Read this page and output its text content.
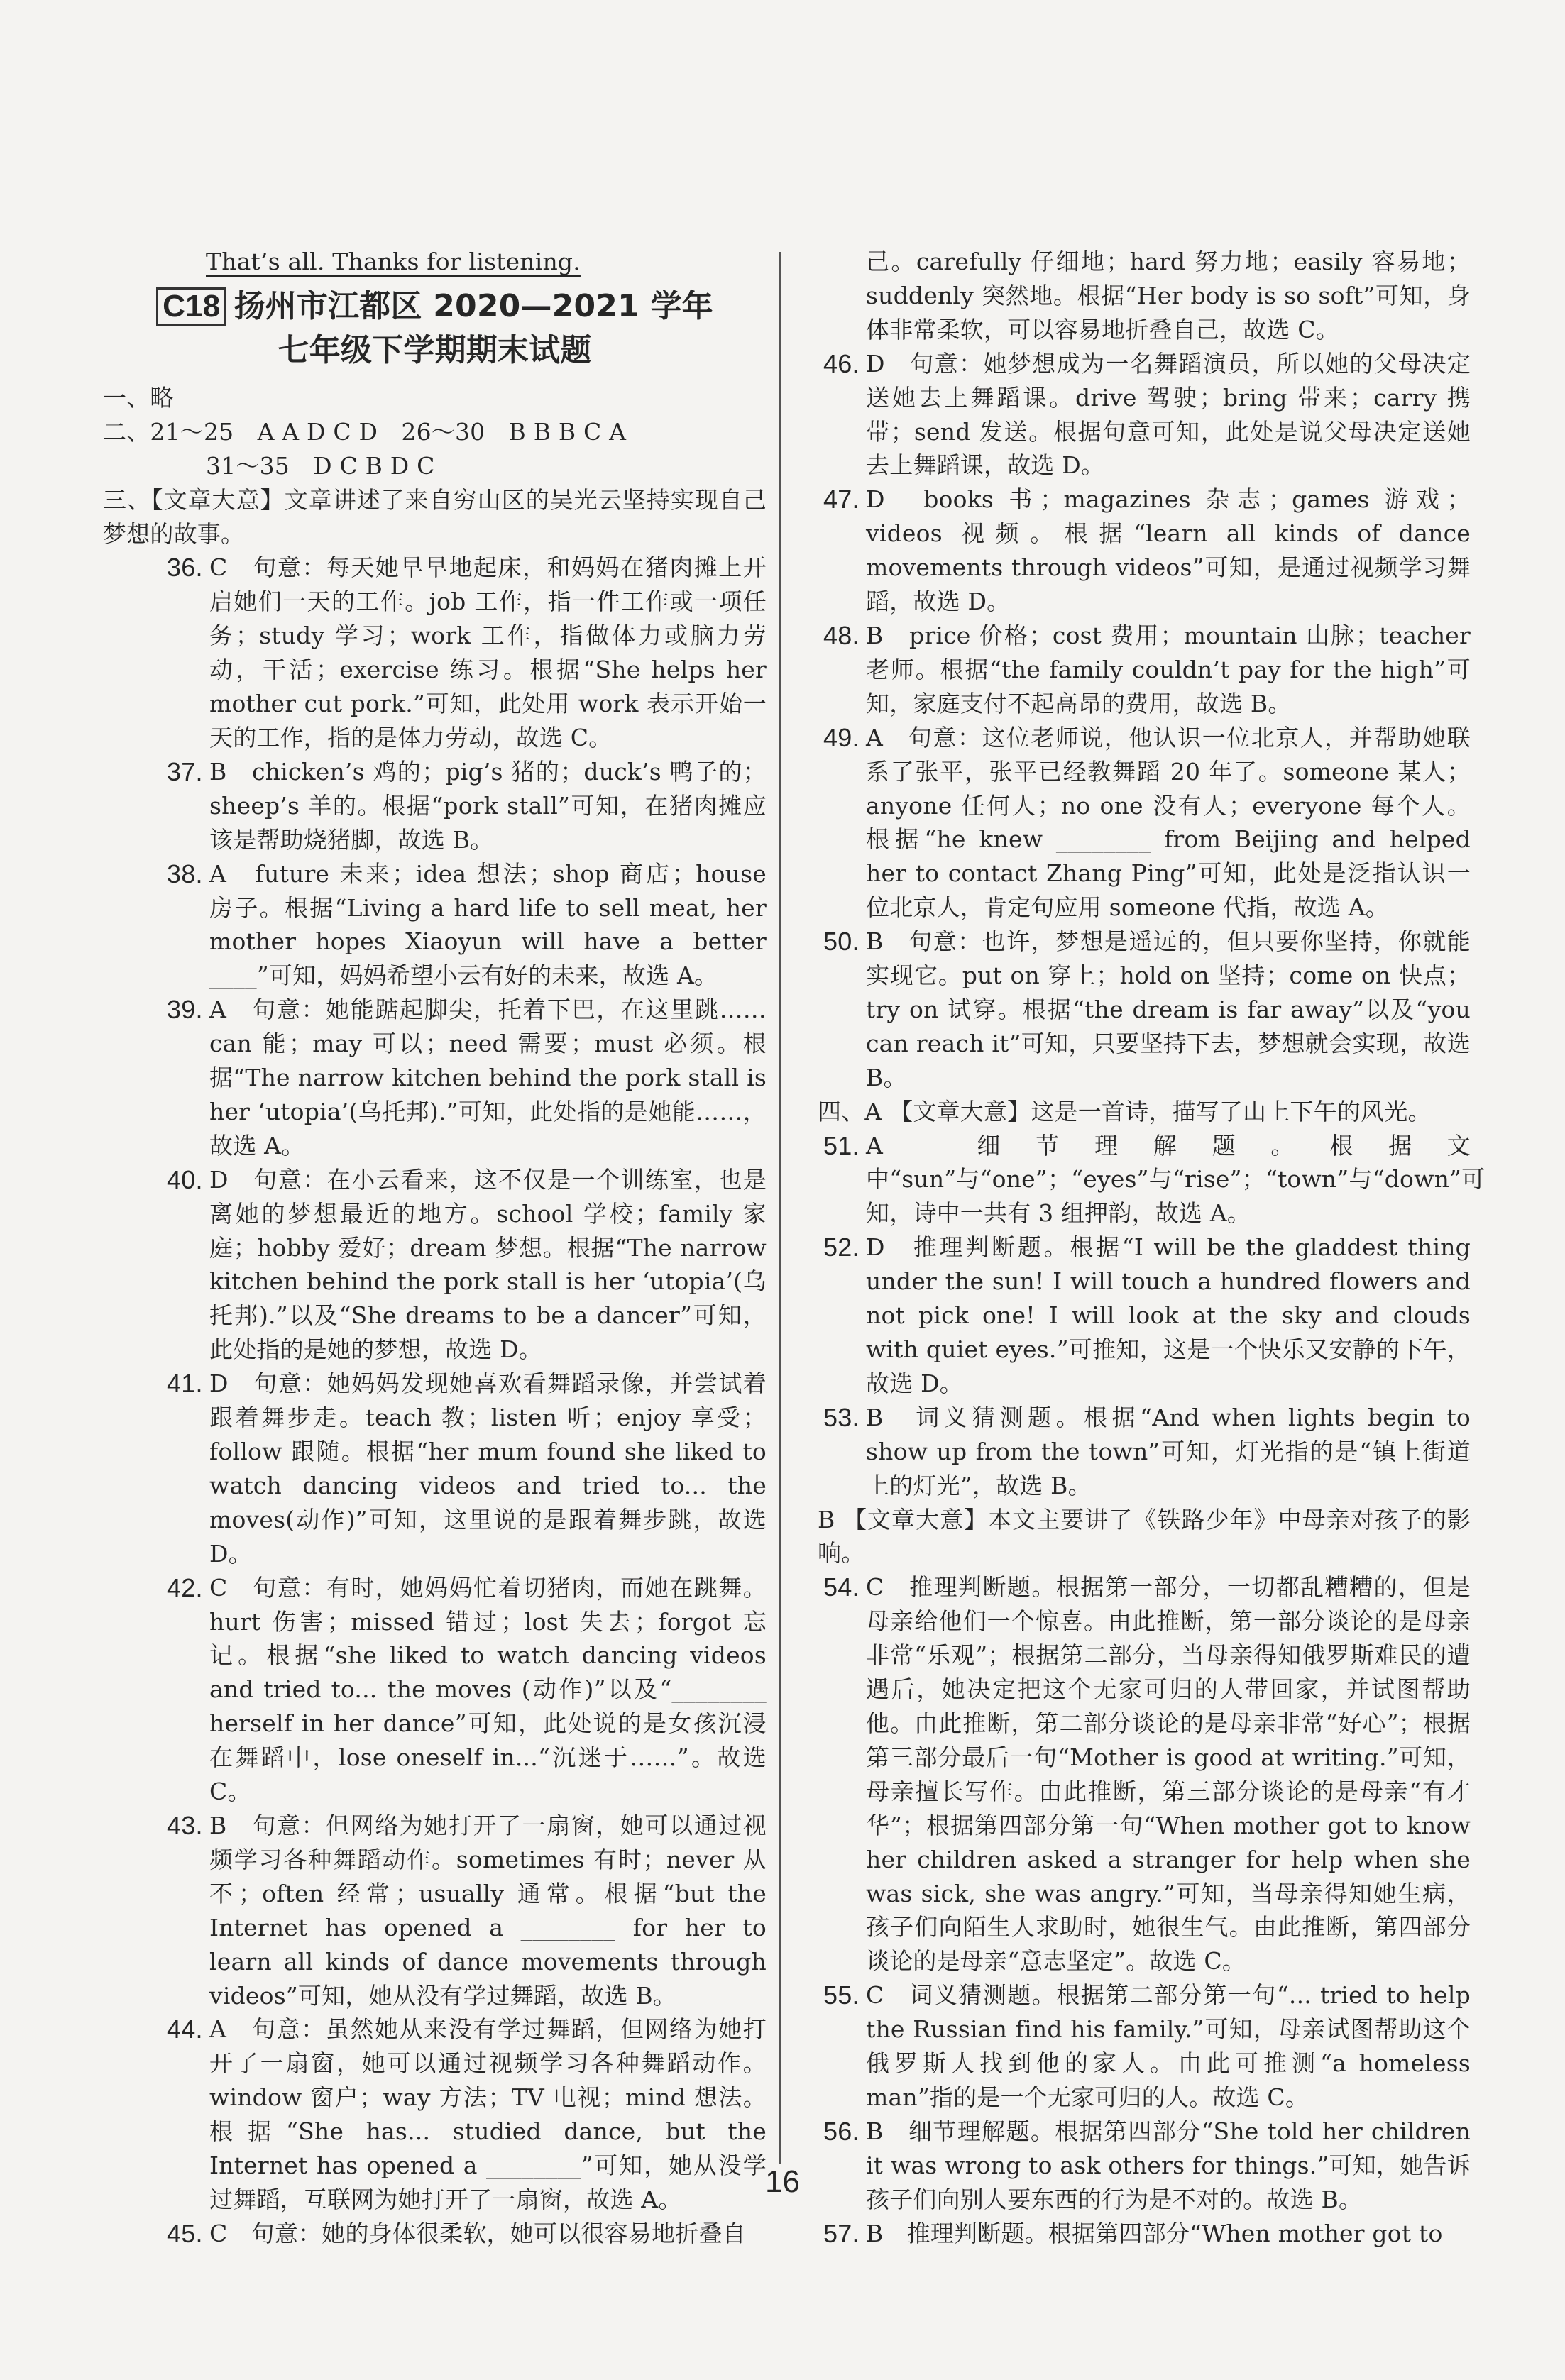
That’s all. Thanks for listening.

C18 扬州市江都区 2020—2021 学年
七年级下学期期末试题

一、略

二、21～25　A A D C D　26～30　B B B C A

31～35　D C B D C

三、【文章大意】文章讲述了来自穷山区的吴光云坚持实现自己梦想的故事。

36. C　句意：每天她早早地起床，和妈妈在猪肉摊上开启她们一天的工作。job 工作，指一件工作或一项任务；study 学习；work 工作，指做体力或脑力劳动，干活；exercise 练习。根据“She helps her mother cut pork.”可知，此处用 work 表示开始一天的工作，指的是体力劳动，故选 C。

37. B　chicken’s 鸡的；pig’s 猪的；duck’s 鸭子的；sheep’s 羊的。根据“pork stall”可知，在猪肉摊应该是帮助烧猪脚，故选 B。

38. A　future 未来；idea 想法；shop 商店；house 房子。根据“Living a hard life to sell meat, her mother hopes Xiaoyun will have a better ____”可知，妈妈希望小云有好的未来，故选 A。

39. A　句意：她能踮起脚尖，托着下巴，在这里跳……can 能；may 可以；need 需要；must 必须。根据“The narrow kitchen behind the pork stall is her ‘utopia’(乌托邦).”可知，此处指的是她能……，故选 A。

40. D　句意：在小云看来，这不仅是一个训练室，也是离她的梦想最近的地方。school 学校；family 家庭；hobby 爱好；dream 梦想。根据“The narrow kitchen behind the pork stall is her ‘utopia’(乌托邦).”以及“She dreams to be a dancer”可知，此处指的是她的梦想，故选 D。

41. D　句意：她妈妈发现她喜欢看舞蹈录像，并尝试着跟着舞步走。teach 教；listen 听；enjoy 享受；follow 跟随。根据“her mum found she liked to watch dancing videos and tried to... the moves(动作)”可知，这里说的是跟着舞步跳，故选 D。

42. C　句意：有时，她妈妈忙着切猪肉，而她在跳舞。hurt 伤害；missed 错过；lost 失去；forgot 忘记。根据“she liked to watch dancing videos and tried to... the moves (动作)”以及“________ herself in her dance”可知，此处说的是女孩沉浸在舞蹈中，lose oneself in...“沉迷于……”。故选 C。

43. B　句意：但网络为她打开了一扇窗，她可以通过视频学习各种舞蹈动作。sometimes 有时；never 从不；often 经常；usually 通常。根据“but the Internet has opened a ________ for her to learn all kinds of dance movements through videos”可知，她从没有学过舞蹈，故选 B。

44. A　句意：虽然她从来没有学过舞蹈，但网络为她打开了一扇窗，她可以通过视频学习各种舞蹈动作。window 窗户；way 方法；TV 电视；mind 想法。根据“She has... studied dance, but the Internet has opened a ________”可知，她从没学过舞蹈，互联网为她打开了一扇窗，故选 A。

45. C　句意：她的身体很柔软，她可以很容易地折叠自

己。carefully 仔细地；hard 努力地；easily 容易地；suddenly 突然地。根据“Her body is so soft”可知，身体非常柔软，可以容易地折叠自己，故选 C。

46. D　句意：她梦想成为一名舞蹈演员，所以她的父母决定送她去上舞蹈课。drive 驾驶；bring 带来；carry 携带；send 发送。根据句意可知，此处是说父母决定送她去上舞蹈课，故选 D。

47. D　books 书；magazines 杂志；games 游戏；videos 视频。根据“learn all kinds of dance movements through videos”可知，是通过视频学习舞蹈，故选 D。

48. B　price 价格；cost 费用；mountain 山脉；teacher 老师。根据“the family couldn’t pay for the high”可知，家庭支付不起高昂的费用，故选 B。

49. A　句意：这位老师说，他认识一位北京人，并帮助她联系了张平，张平已经教舞蹈 20 年了。someone 某人；anyone 任何人；no one 没有人；everyone 每个人。根据“he knew ________ from Beijing and helped her to contact Zhang Ping”可知，此处是泛指认识一位北京人，肯定句应用 someone 代指，故选 A。

50. B　句意：也许，梦想是遥远的，但只要你坚持，你就能实现它。put on 穿上；hold on 坚持；come on 快点；try on 试穿。根据“the dream is far away”以及“you can reach it”可知，只要坚持下去，梦想就会实现，故选 B。

四、A 【文章大意】这是一首诗，描写了山上下午的风光。

51. A　细节理解题。根据文中“sun”与“one”；“eyes”与“rise”；“town”与“down”可知，诗中一共有 3 组押韵，故选 A。

52. D　推理判断题。根据“I will be the gladdest thing under the sun! I will touch a hundred flowers and not pick one! I will look at the sky and clouds with quiet eyes.”可推知，这是一个快乐又安静的下午，故选 D。

53. B　词义猜测题。根据“And when lights begin to show up from the town”可知，灯光指的是“镇上街道上的灯光”，故选 B。

B 【文章大意】本文主要讲了《铁路少年》中母亲对孩子的影响。

54. C　推理判断题。根据第一部分，一切都乱糟糟的，但是母亲给他们一个惊喜。由此推断，第一部分谈论的是母亲非常“乐观”；根据第二部分，当母亲得知俄罗斯难民的遭遇后，她决定把这个无家可归的人带回家，并试图帮助他。由此推断，第二部分谈论的是母亲非常“好心”；根据第三部分最后一句“Mother is good at writing.”可知，母亲擅长写作。由此推断，第三部分谈论的是母亲“有才华”；根据第四部分第一句“When mother got to know her children asked a stranger for help when she was sick, she was angry.”可知，当母亲得知她生病，孩子们向陌生人求助时，她很生气。由此推断，第四部分谈论的是母亲“意志坚定”。故选 C。

55. C　词义猜测题。根据第二部分第一句“... tried to help the Russian find his family.”可知，母亲试图帮助这个俄罗斯人找到他的家人。由此可推测“a homeless man”指的是一个无家可归的人。故选 C。

56. B　细节理解题。根据第四部分“She told her children it was wrong to ask others for things.”可知，她告诉孩子们向别人要东西的行为是不对的。故选 B。

57. B　推理判断题。根据第四部分“When mother got to

16
